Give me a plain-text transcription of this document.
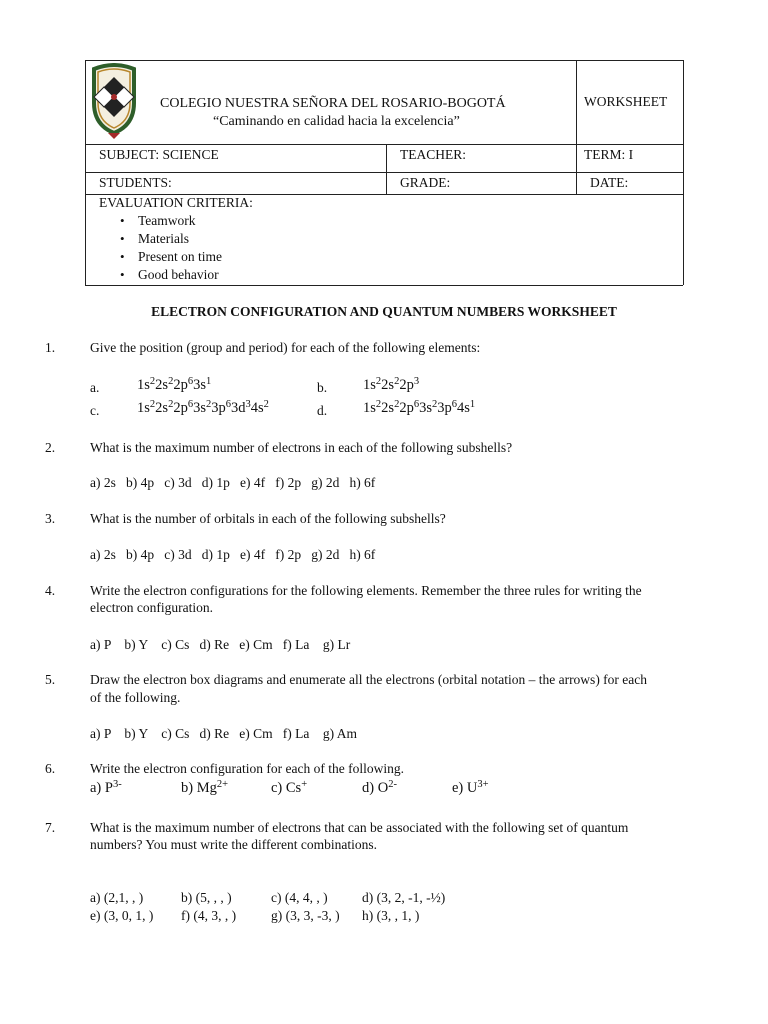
COLEGIO NUESTRA SEÑORA DEL ROSARIO-BOGOTÁ
“Caminando en calidad hacia la excelencia”
WORKSHEET
SUBJECT: SCIENCE	TEACHER:	TERM: I
STUDENTS:	GRADE:	DATE:
EVALUATION CRITERIA:
• Teamwork
• Materials
• Present on time
• Good behavior
ELECTRON CONFIGURATION AND QUANTUM NUMBERS WORKSHEET
1.	Give the position (group and period) for each of the following elements:
a.	$1s^22s^22p^63s^1$	b. $1s^22s^22p^3$
c.	$1s^22s^22p^63s^23p^63d^34s^2$	d. $1s^22s^22p^63s^23p^64s^1$
2.	What is the maximum number of electrons in each of the following subshells?
a) 2s   b) 4p   c) 3d   d) 1p   e) 4f   f) 2p   g) 2d   h) 6f
3.	What is the number of orbitals in each of the following subshells?
a) 2s   b) 4p   c) 3d   d) 1p   e) 4f   f) 2p   g) 2d   h) 6f
4.	Write the electron configurations for the following elements. Remember the three rules for writing the
electron configuration.
a) P    b) Y    c) Cs   d) Re   e) Cm   f) La    g) Lr
5.	Draw the electron box diagrams and enumerate all the electrons (orbital notation – the arrows) for each
of the following.
a) P    b) Y    c) Cs   d) Re   e) Cm   f) La    g) Am
6.	Write the electron configuration for each of the following.
a) $P^{3-}$	b) $Mg^{2+}$	c) Cs+	d) $O^{2-}$	e) $U^{3+}$
7.	What is the maximum number of electrons that can be associated with the following set of quantum
numbers? You must write the different combinations.
a) (2,1, , )	b) (5, , , )	c) (4, 4, , )	d) (3, 2, -1, -½)
e) (3, 0, 1, ) f) (4, 3, , )	g) (3, 3, -3, ) h) (3, , 1, )
